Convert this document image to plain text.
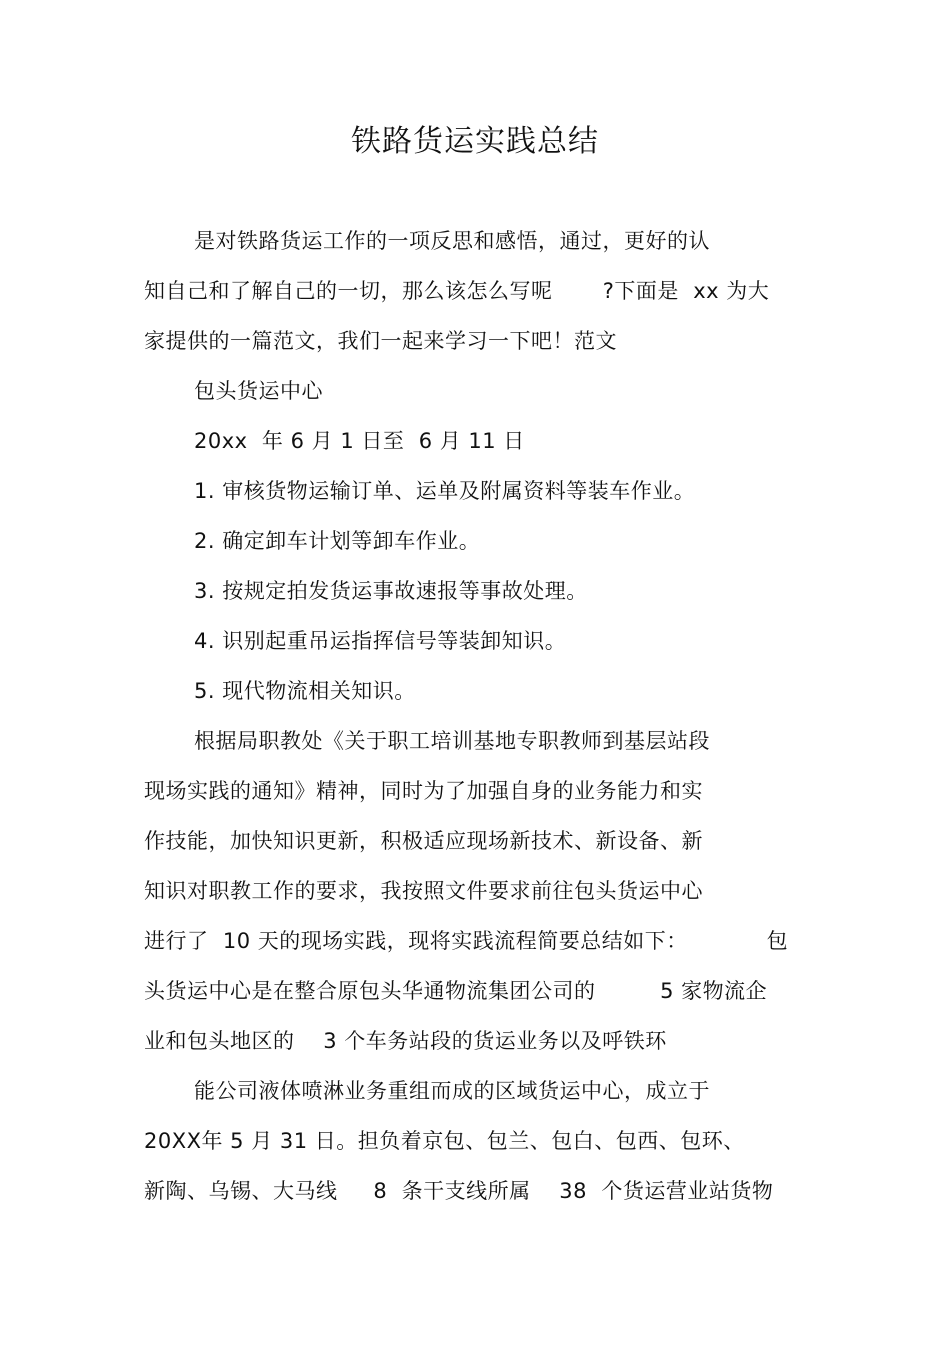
铁路货运实践总结
是对铁路货运工作的一项反思和感悟，通过，更好的认
知自己和了解自己的一切，那么该怎么写呢       ?下面是  xx 为大
家提供的一篇范文，我们一起来学习一下吧！范文
包头货运中心
20xx  年 6 月 1 日至  6 月 11 日
1. 审核货物运输订单、运单及附属资料等装车作业。
2. 确定卸车计划等卸车作业。
3. 按规定拍发货运事故速报等事故处理。
4. 识别起重吊运指挥信号等装卸知识。
5. 现代物流相关知识。
根据局职教处《关于职工培训基地专职教师到基层站段
现场实践的通知》精神，同时为了加强自身的业务能力和实
作技能，加快知识更新，积极适应现场新技术、新设备、新
知识对职教工作的要求，我按照文件要求前往包头货运中心
进行了  10 天的现场实践，现将实践流程简要总结如下：           包
头货运中心是在整合原包头华通物流集团公司的         5 家物流企
业和包头地区的    3 个车务站段的货运业务以及呼铁环
能公司液体喷淋业务重组而成的区域货运中心，成立于
20XX年 5 月 31 日。担负着京包、包兰、包白、包西、包环、
新陶、乌锡、大马线     8  条干支线所属    38  个货运营业站货物
